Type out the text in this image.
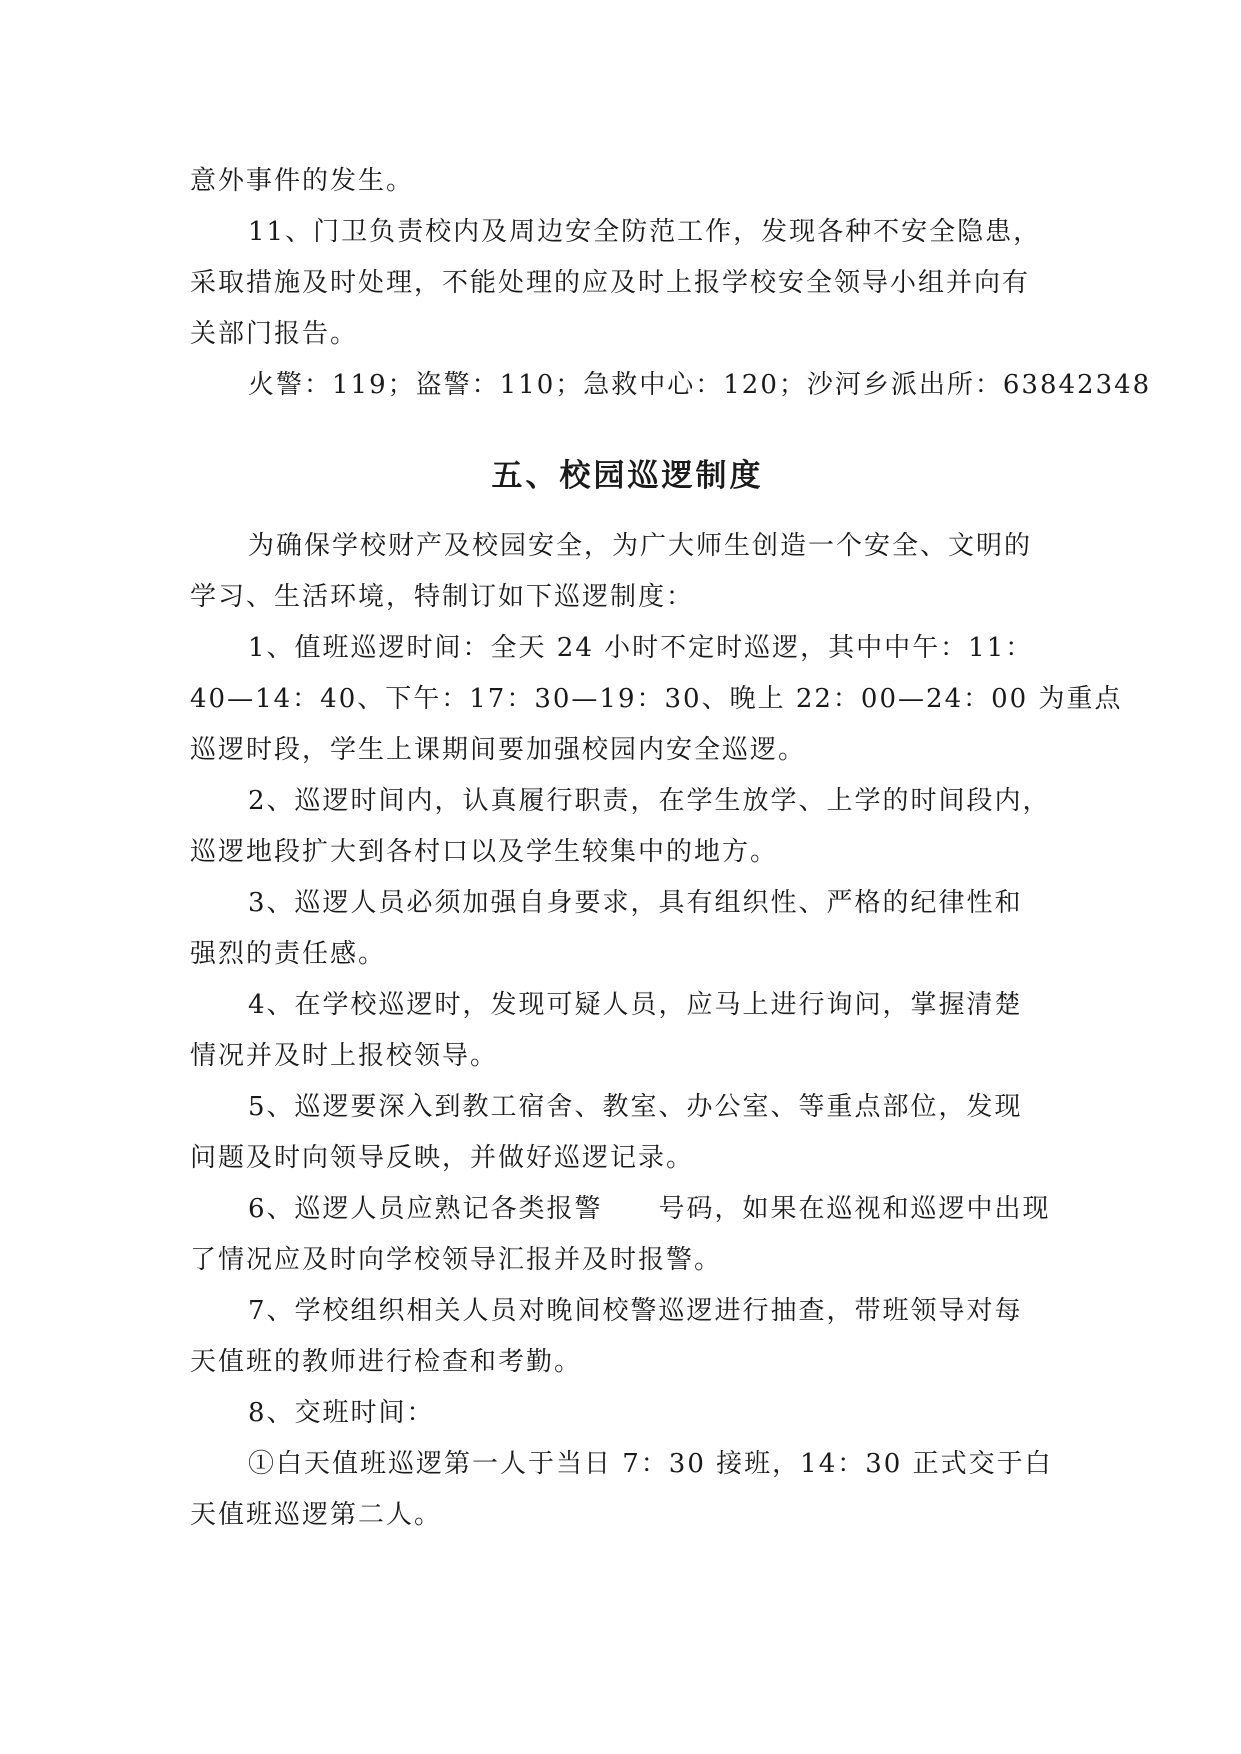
意外事件的发生。
11、门卫负责校内及周边安全防范工作，发现各种不安全隐患，
采取措施及时处理，不能处理的应及时上报学校安全领导小组并向有
关部门报告。
火警：119；盗警：110；急救中心：120；沙河乡派出所：63842348
五、校园巡逻制度
为确保学校财产及校园安全，为广大师生创造一个安全、文明的
学习、生活环境，特制订如下巡逻制度：
1、值班巡逻时间：全天 24 小时不定时巡逻，其中中午：11：
40—14：40、下午：17：30—19：30、晚上 22：00—24：00 为重点
巡逻时段，学生上课期间要加强校园内安全巡逻。
2、巡逻时间内，认真履行职责，在学生放学、上学的时间段内，
巡逻地段扩大到各村口以及学生较集中的地方。
3、巡逻人员必须加强自身要求，具有组织性、严格的纪律性和
强烈的责任感。
4、在学校巡逻时，发现可疑人员，应马上进行询问，掌握清楚
情况并及时上报校领导。
5、巡逻要深入到教工宿舍、教室、办公室、等重点部位，发现
问题及时向领导反映，并做好巡逻记录。
6、巡逻人员应熟记各类报警　　号码，如果在巡视和巡逻中出现
了情况应及时向学校领导汇报并及时报警。
7、学校组织相关人员对晚间校警巡逻进行抽查，带班领导对每
天值班的教师进行检查和考勤。
8、交班时间：
①白天值班巡逻第一人于当日 7：30 接班，14：30 正式交于白
天值班巡逻第二人。
